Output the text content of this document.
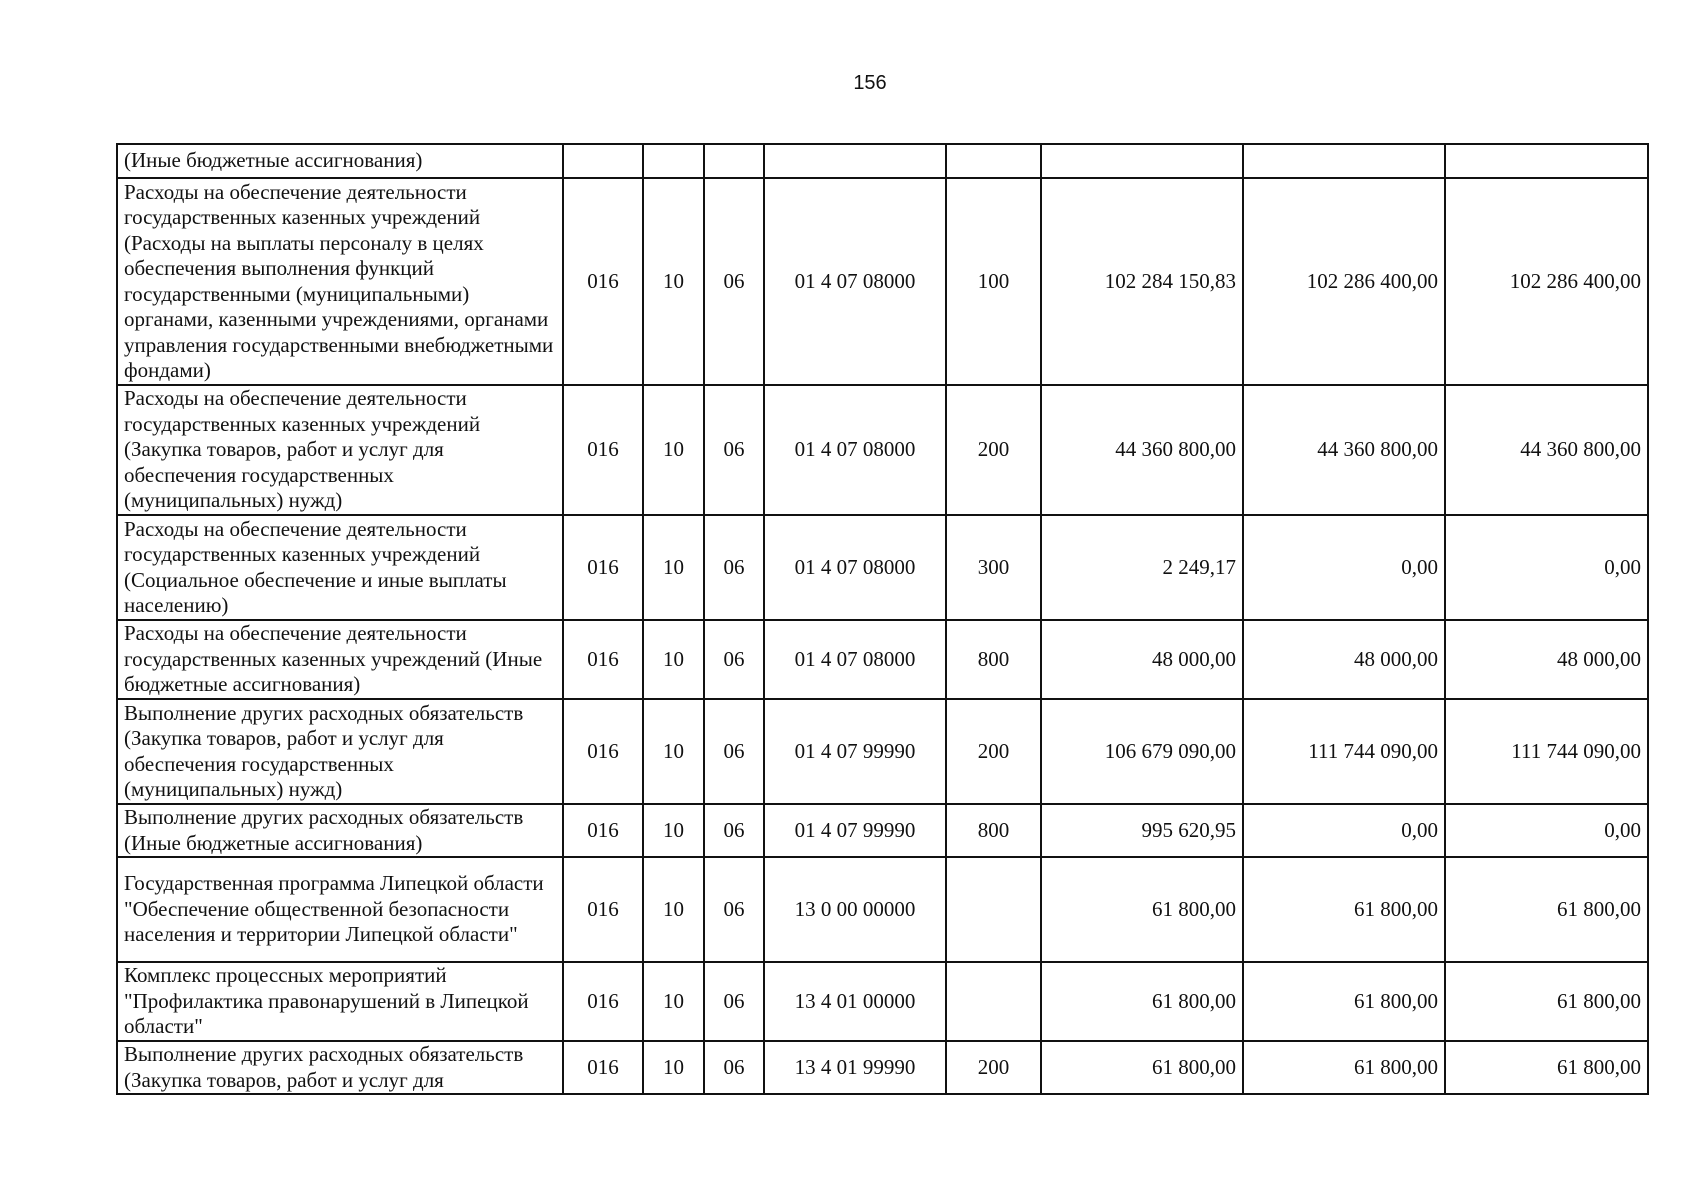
156
(Иные бюджетные ассигнования)								
Расходы на обеспечение деятельности государственных казенных учреждений (Расходы на выплаты персоналу в целях обеспечения выполнения функций государственными (муниципальными) органами, казенными учреждениями, органами управления государственными внебюджетными фондами)	016	10	06	01 4 07 08000	100	102 284 150,83	102 286 400,00	102 286 400,00
Расходы на обеспечение деятельности государственных казенных учреждений (Закупка товаров, работ и услуг для обеспечения государственных (муниципальных) нужд)	016	10	06	01 4 07 08000	200	44 360 800,00	44 360 800,00	44 360 800,00
Расходы на обеспечение деятельности государственных казенных учреждений (Социальное обеспечение и иные выплаты населению)	016	10	06	01 4 07 08000	300	2 249,17	0,00	0,00
Расходы на обеспечение деятельности государственных казенных учреждений (Иные бюджетные ассигнования)	016	10	06	01 4 07 08000	800	48 000,00	48 000,00	48 000,00
Выполнение других расходных обязательств (Закупка товаров, работ и услуг для обеспечения государственных (муниципальных) нужд)	016	10	06	01 4 07 99990	200	106 679 090,00	111 744 090,00	111 744 090,00
Выполнение других расходных обязательств (Иные бюджетные ассигнования)	016	10	06	01 4 07 99990	800	995 620,95	0,00	0,00
Государственная программа Липецкой области "Обеспечение общественной безопасности населения и территории Липецкой области"	016	10	06	13 0 00 00000		61 800,00	61 800,00	61 800,00
Комплекс процессных мероприятий "Профилактика правонарушений в Липецкой области"	016	10	06	13 4 01 00000		61 800,00	61 800,00	61 800,00
Выполнение других расходных обязательств (Закупка товаров, работ и услуг для	016	10	06	13 4 01 99990	200	61 800,00	61 800,00	61 800,00
